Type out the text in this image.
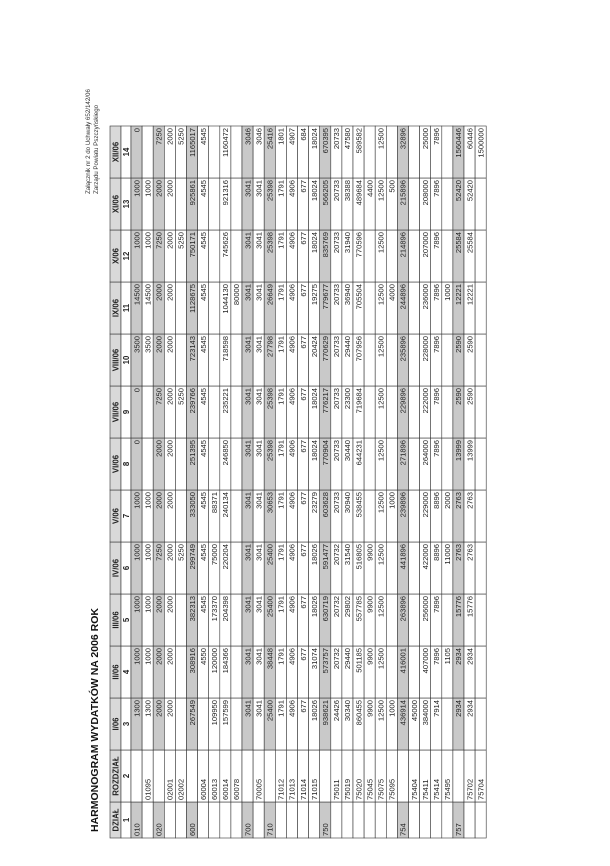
HARMONOGRAM WYDATKÓW NA 2006 ROK
Załącznik nr 2 do Uchwały 652/142/06 Zarządu Powiatu Pszczyńskiego
DZIAŁ
ROZDZIAŁ
I/06
II/06
III/06
IV/06
V/06
VI/06
VII/06
VIII/06
IX/06
X/06
XI/06
XII/06
1
2
3
4
5
6
7
8
9
10
11
12
13
14
010
1300
1000
1000
1000
1000
0
0
3500
14500
1000
1000
0
01095
1300
1000
1000
1000
1000
3500
14500
1000
1000
020
2000
2000
2000
7250
2000
2000
7250
2000
2000
7250
2000
7250
02001
2000
2000
2000
2000
2000
2000
2000
2000
2000
2000
2000
2000
02002
5250
5250
5250
5250
600
267549
308916
382313
299749
333050
251395
239766
723143
1128675
750171
925861
1165017
60004
4550
4545
4545
4545
4545
4545
4545
4545
4545
4545
4545
60013
109950
120000
173370
75000
88371
60014
157599
184366
204398
220204
240134
246850
235221
718598
1044130
745626
921316
1160472
60078
80000
700
3041
3041
3041
3041
3041
3041
3041
3041
3041
3041
3041
3046
70005
3041
3041
3041
3041
3041
3041
3041
3041
3041
3041
3041
3046
710
25400
38448
25400
25400
30653
25398
25398
27798
26649
25398
25398
25416
71012
1791
1791
1791
1791
1791
1791
1791
1791
1791
1791
1791
1801
71013
4906
4906
4906
4906
4906
4906
4906
4906
4906
4906
4906
4907
71014
677
677
677
677
677
677
677
677
677
677
677
684
71015
18026
31074
18026
18026
23279
18024
18024
20424
19275
18024
18024
18024
750
938621
573757
630719
591477
603628
770904
776217
770629
779677
835769
566205
670395
75011
24426
20732
20732
20732
20733
20733
20733
20733
20733
20733
20733
20733
75019
30340
29440
29802
31540
30940
30440
23300
29440
36940
31940
38388
47580
75020
860455
501185
557785
516805
538455
644231
719684
707956
705504
770596
489684
589582
75045
9900
9900
9900
9900
4400
75075
12500
12500
12500
12500
12500
12500
12500
12500
12500
12500
12500
12500
75095
1000
1000
4000
500
754
436914
416001
263896
441896
239896
271896
229896
235896
244896
214896
215896
32896
75404
45000
75411
384000
407000
256000
422000
229000
264000
222000
228000
236000
207000
208000
25000
75414
7914
7896
7896
8896
8896
7896
7896
7896
7896
7896
7896
7896
75495
1105
11000
2000
1000
757
2934
2934
15776
2763
2763
13999
2590
2590
12221
25584
52420
1560446
75702
2934
2934
15776
2763
2763
13999
2590
2590
12221
25584
52420
60446
75704
1500000
